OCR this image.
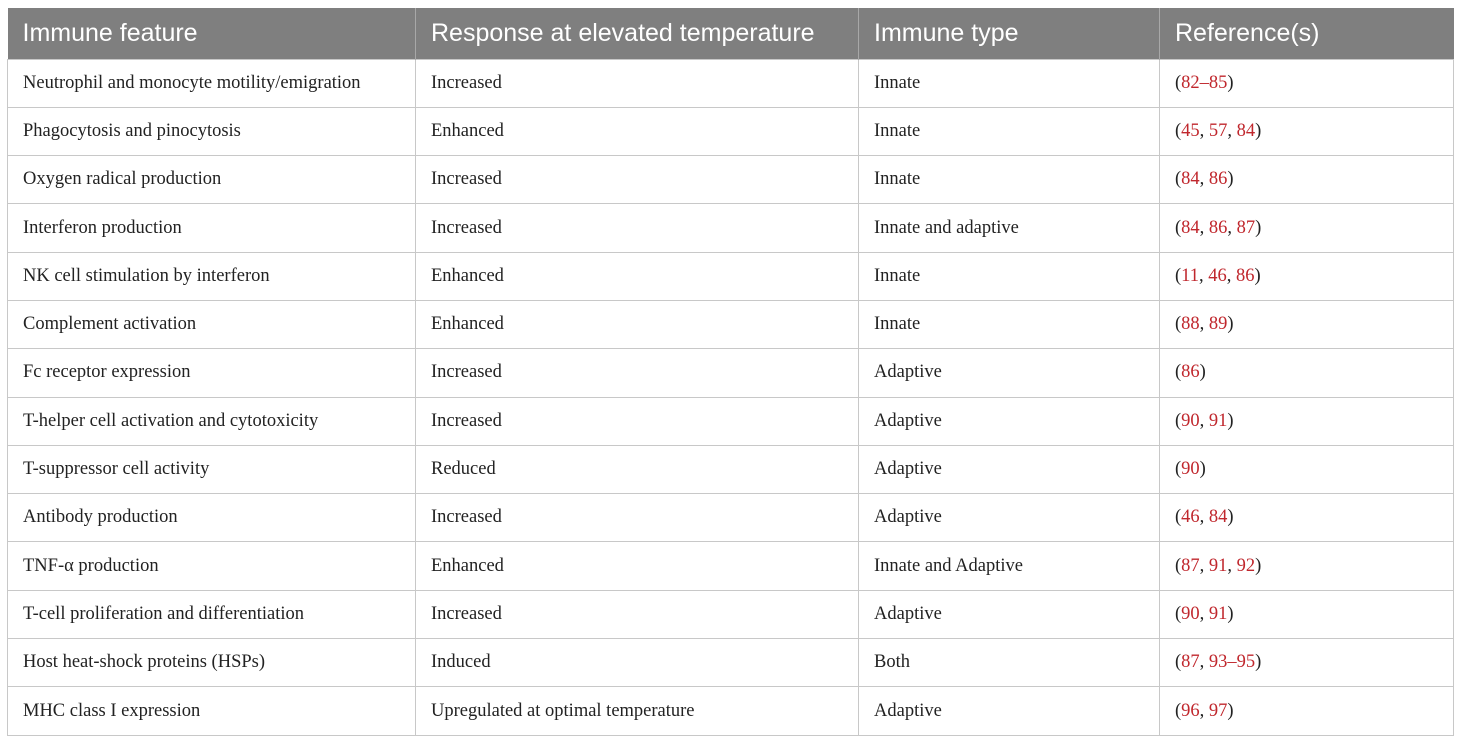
Immune feature	Response at elevated temperature	Immune type	Reference(s)
Neutrophil and monocyte motility/emigration	Increased	Innate	(82–85)
Phagocytosis and pinocytosis	Enhanced	Innate	(45, 57, 84)
Oxygen radical production	Increased	Innate	(84, 86)
Interferon production	Increased	Innate and adaptive	(84, 86, 87)
NK cell stimulation by interferon	Enhanced	Innate	(11, 46, 86)
Complement activation	Enhanced	Innate	(88, 89)
Fc receptor expression	Increased	Adaptive	(86)
T-helper cell activation and cytotoxicity	Increased	Adaptive	(90, 91)
T-suppressor cell activity	Reduced	Adaptive	(90)
Antibody production	Increased	Adaptive	(46, 84)
TNF-α production	Enhanced	Innate and Adaptive	(87, 91, 92)
T-cell proliferation and differentiation	Increased	Adaptive	(90, 91)
Host heat-shock proteins (HSPs)	Induced	Both	(87, 93–95)
MHC class I expression	Upregulated at optimal temperature	Adaptive	(96, 97)
